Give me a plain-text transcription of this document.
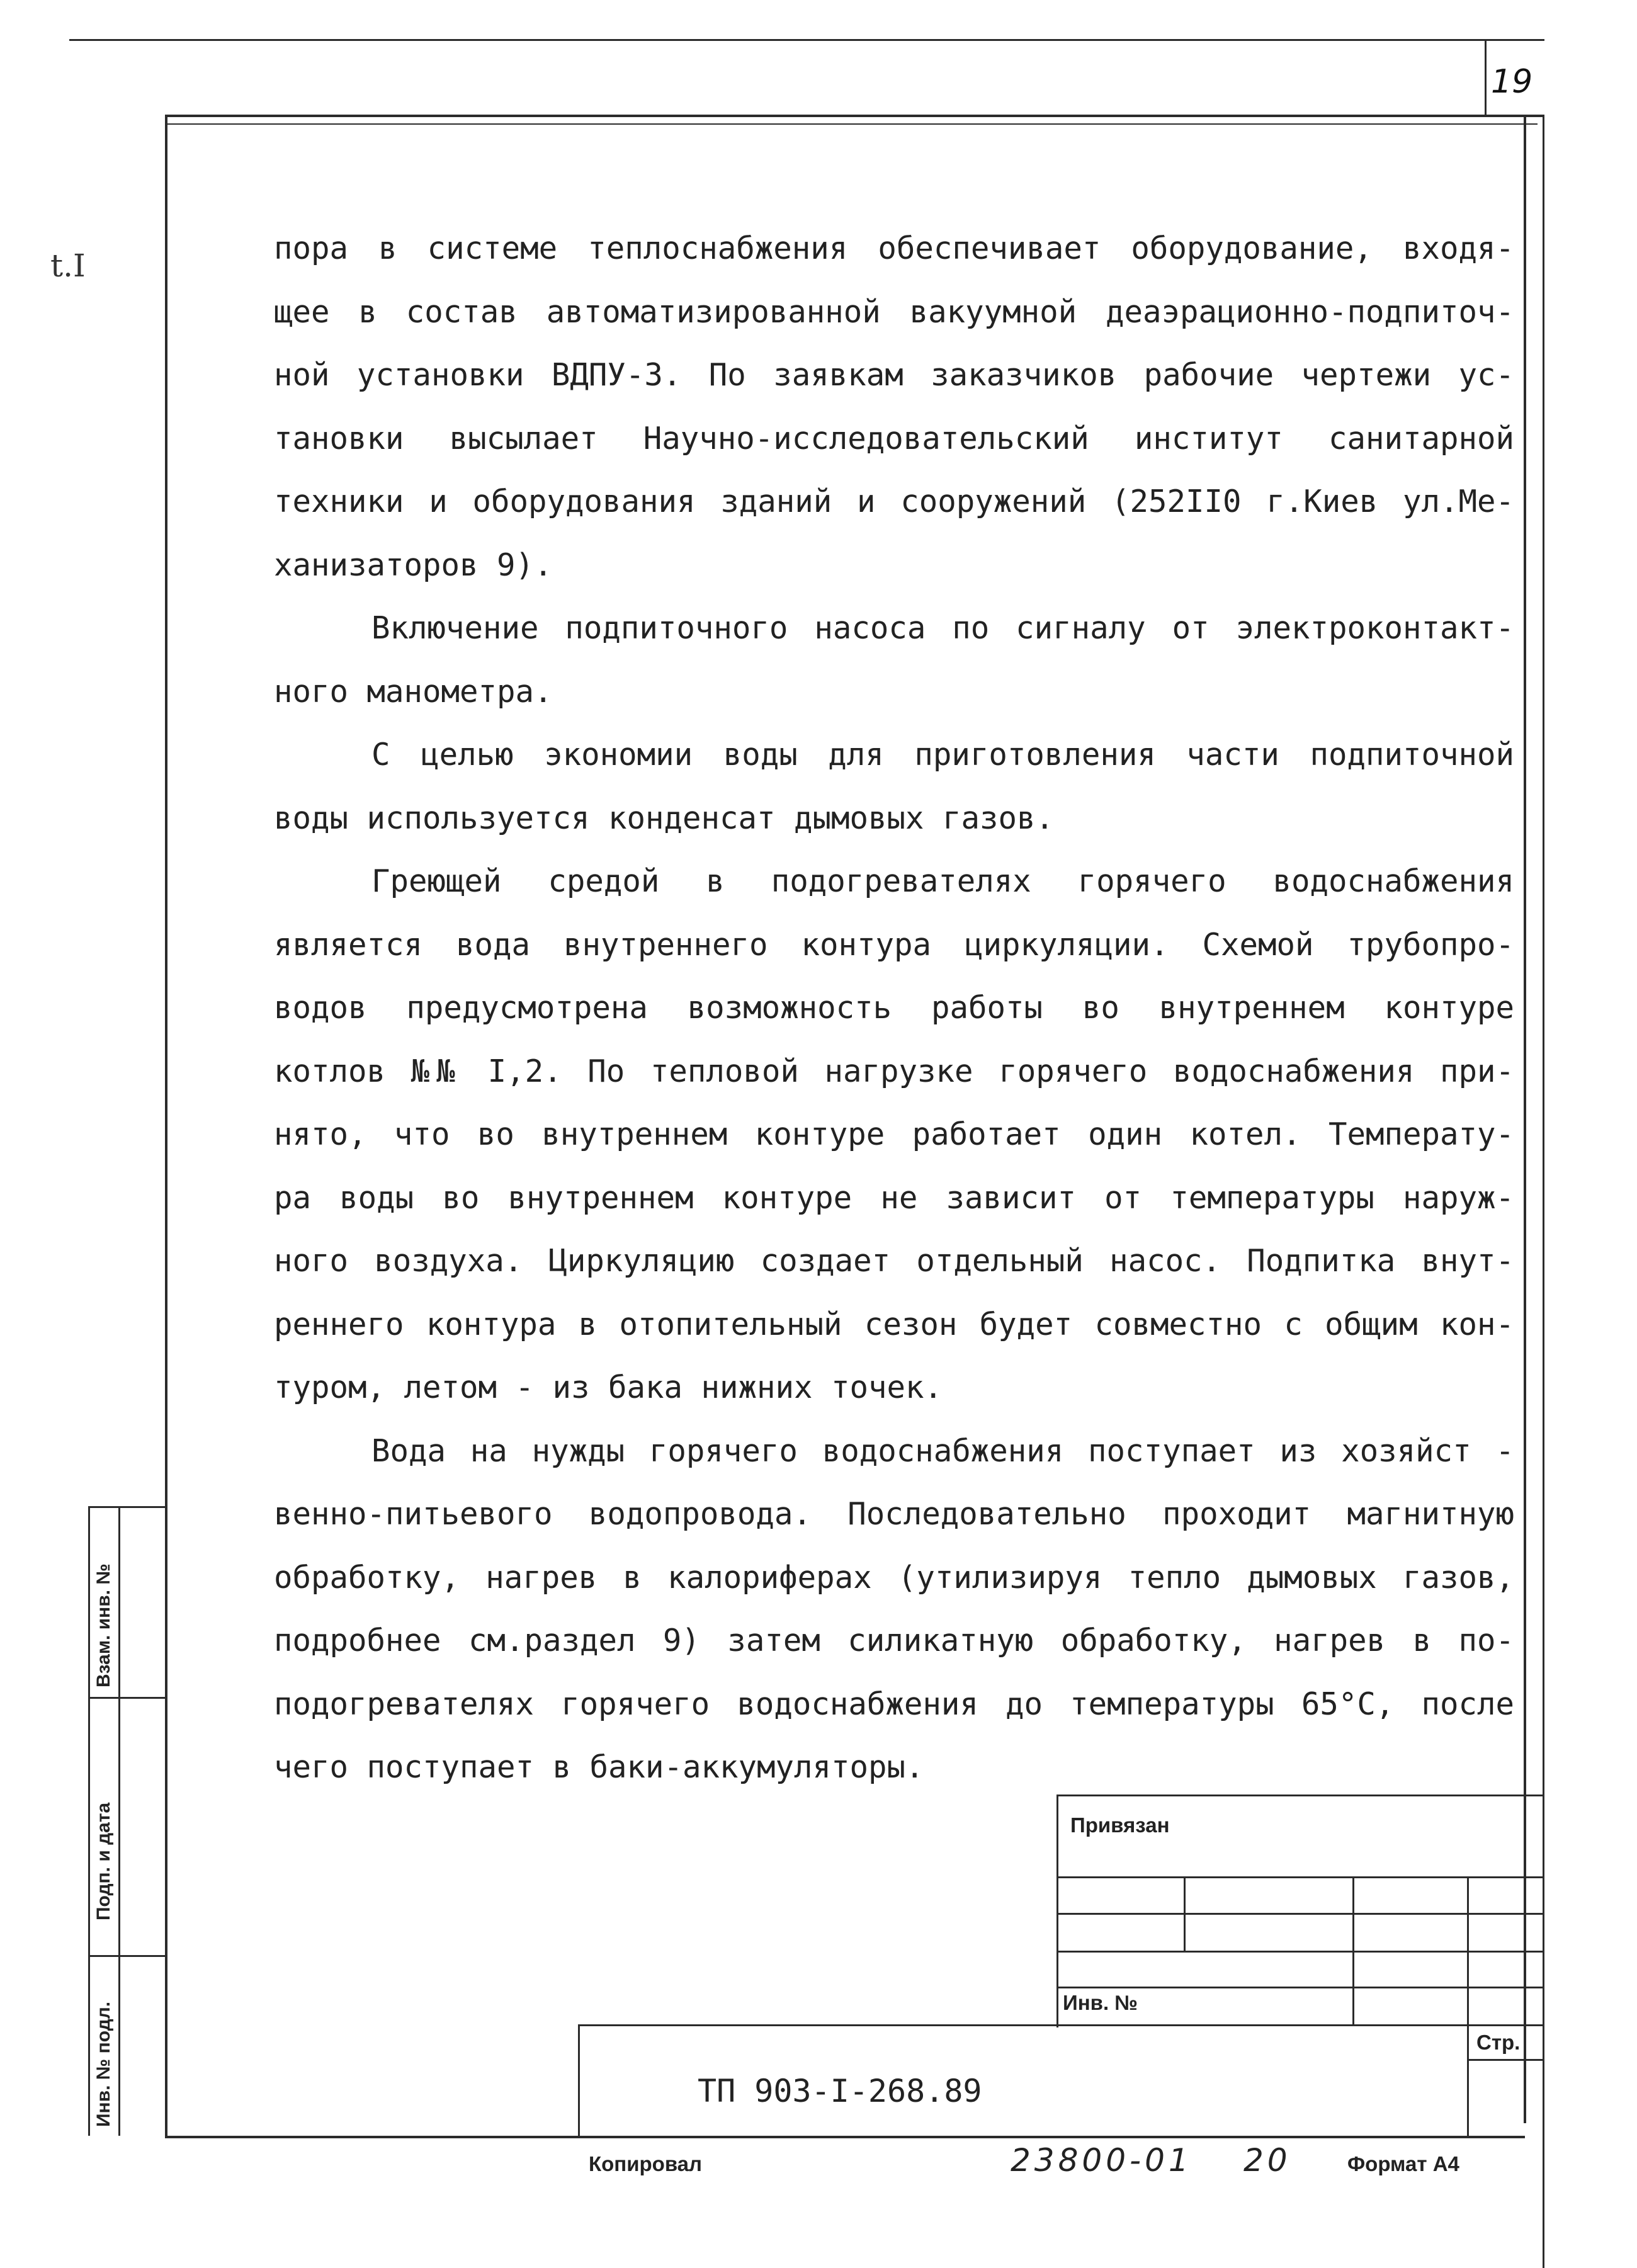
19
t.I	пора в системе теплоснабжения обеспечивает оборудование, входя-
щее в состав автоматизированной вакуумной деаэрационно-подпиточ-
ной установки ВДПУ-3. По заявкам заказчиков рабочие чертежи ус-
тановки высылает Научно-исследовательский институт санитарной
техники и оборудования зданий и сооружений (252II0 г.Киев ул.Ме-
ханизаторов 9).
Включение подпиточного насоса по сигналу от электроконтакт-
ного манометра.
С целью экономии воды для приготовления части подпиточной
воды используется конденсат дымовых газов.
Греющей средой в подогревателях горячего водоснабжения
является вода внутреннего контура циркуляции. Схемой трубопро-
водов предусмотрена возможность работы во внутреннем контуре
котлов №№ I,2. По тепловой нагрузке горячего водоснабжения при-
нято, что во внутреннем контуре работает один котел. Температу-
ра воды во внутреннем контуре не зависит от температуры наруж-
ного воздуха. Циркуляцию создает отдельный насос. Подпитка внут-
реннего контура в отопительный сезон будет совместно с общим кон-
туром, летом - из бака нижних точек.
Вода на нужды горячего водоснабжения поступает из хозяйст -
венно-питьевого водопровода. Последовательно проходит магнитную
обработку, нагрев в калориферах (утилизируя тепло дымовых газов,
подробнее см.раздел 9) затем силикатную обработку, нагрев в по-
подогревателях горячего водоснабжения до температуры 65°С, после
чего поступает в баки-аккумуляторы.
Взам. инв. №
Подп. и дата
Инв. № подл.
Привязан
Инв. №
Стр.
ТП 903-I-268.89
Копировал	23800-01 20	Формат А4
